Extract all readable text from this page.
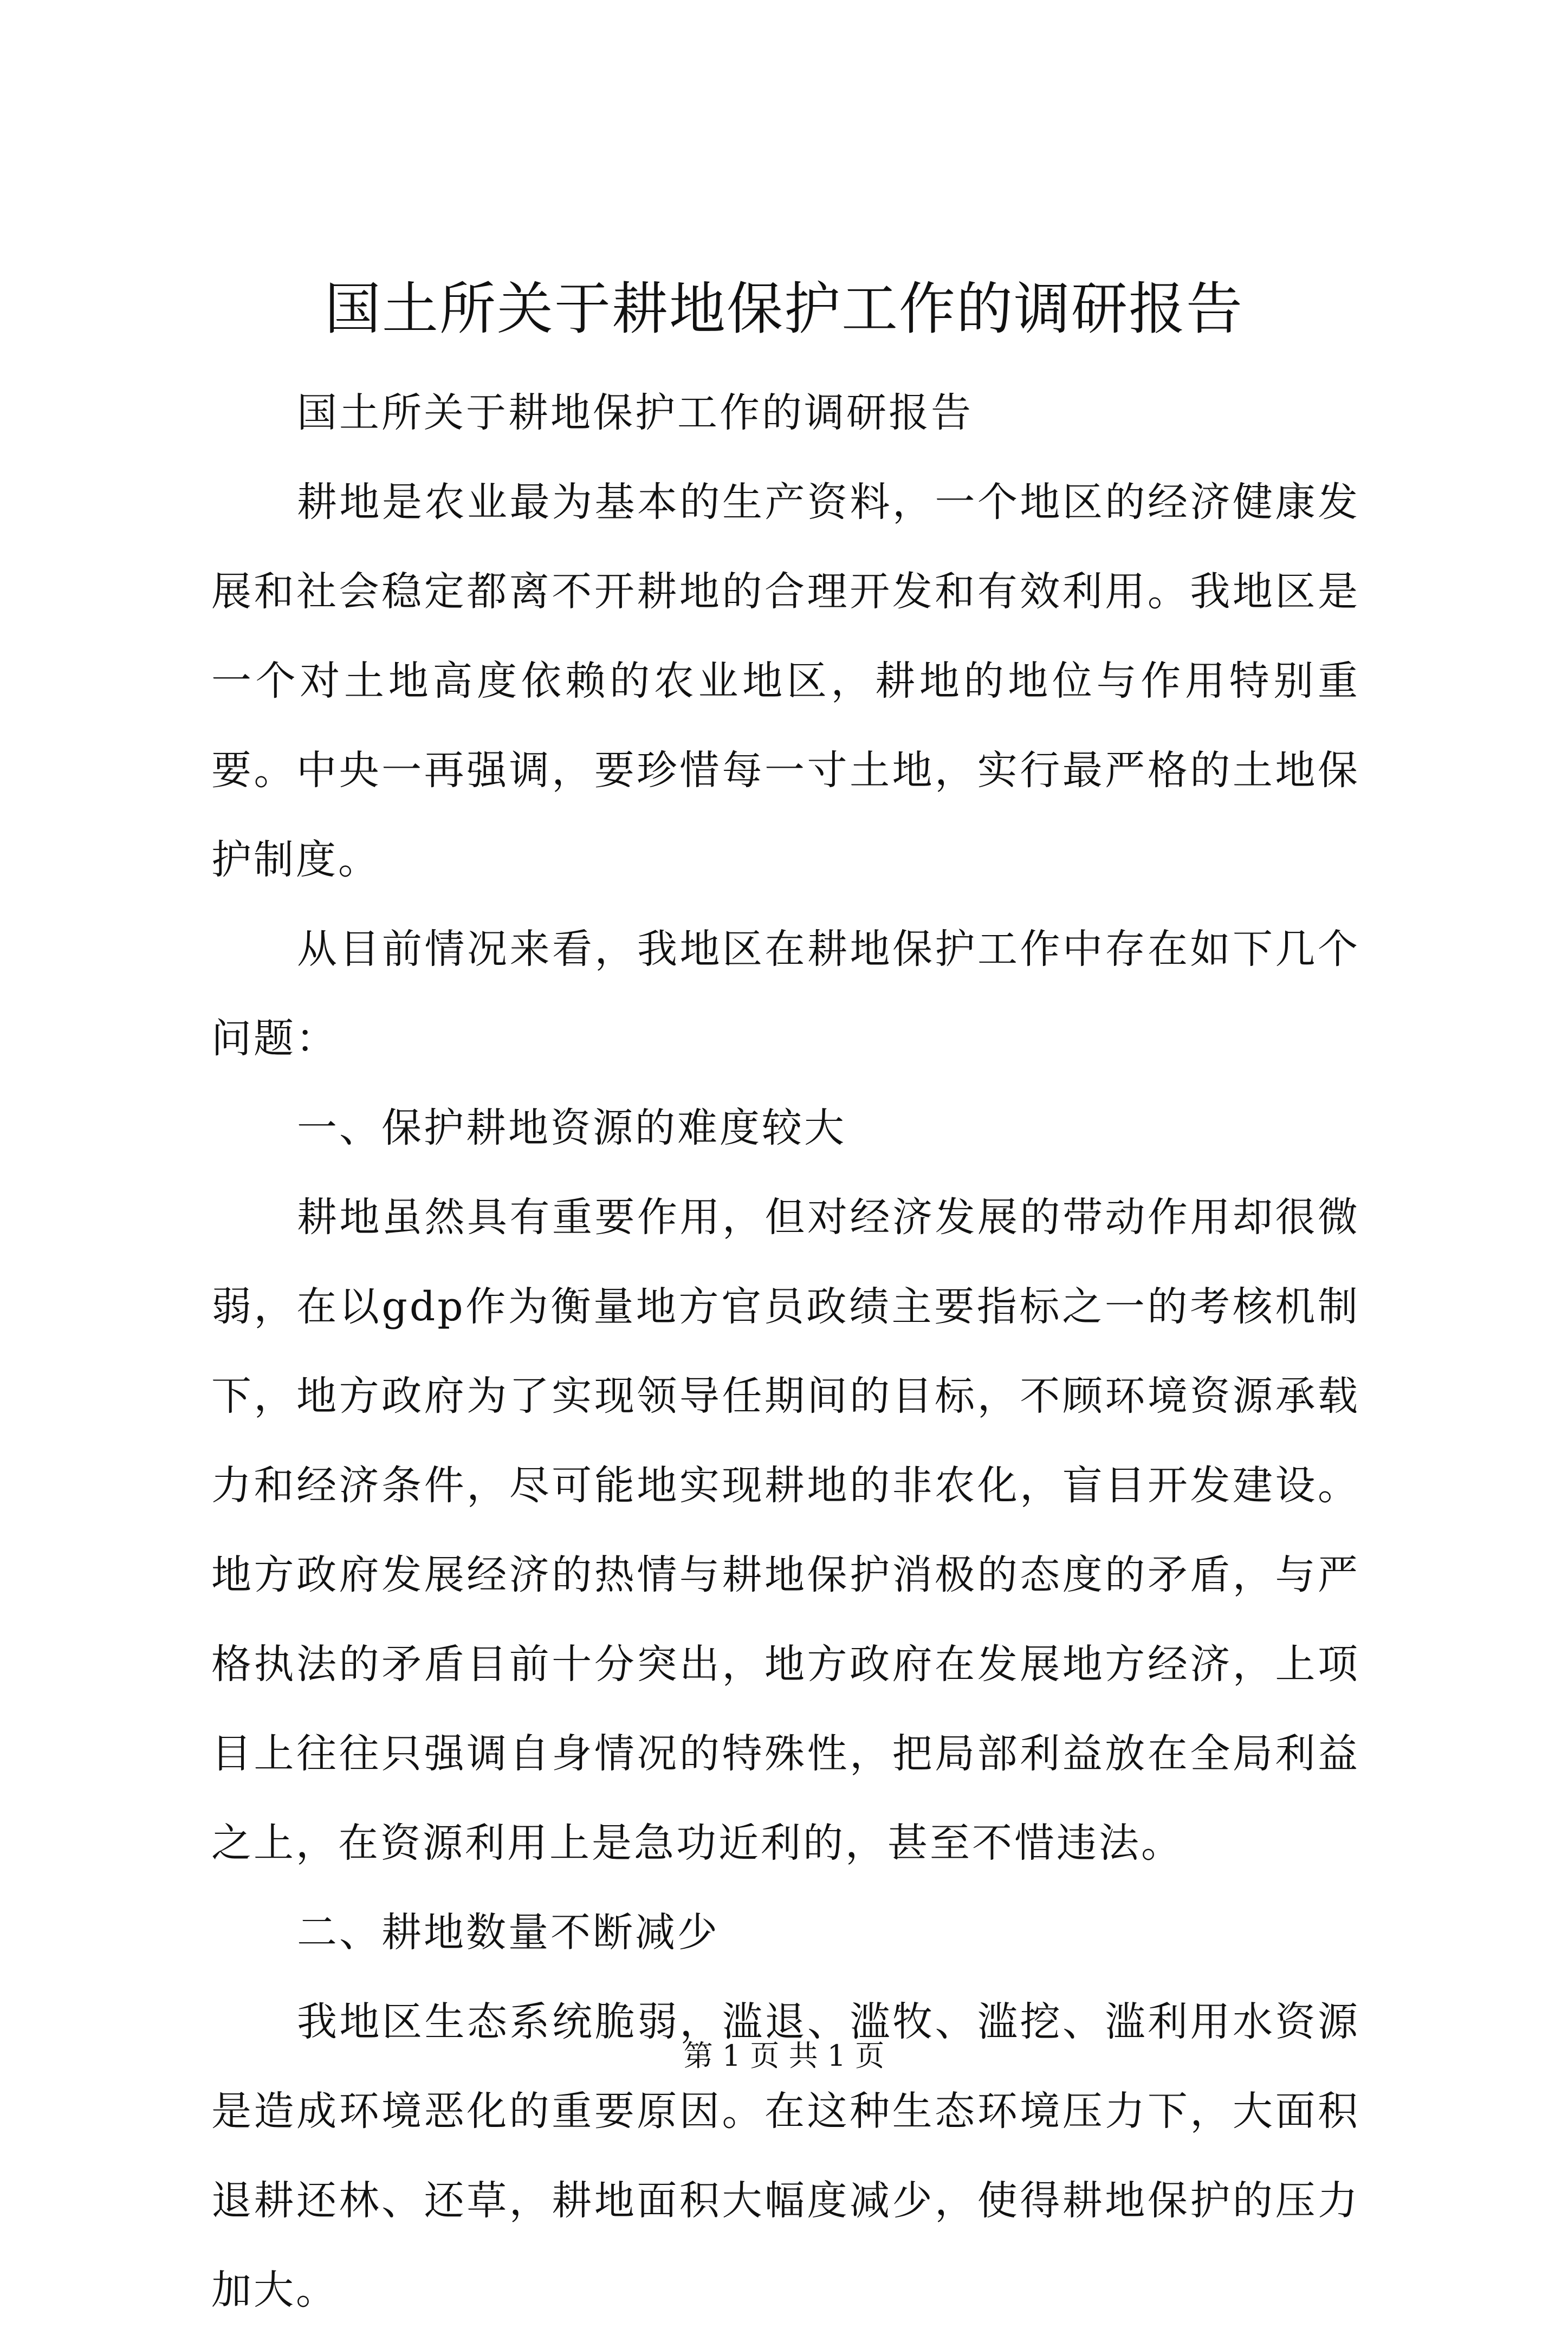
国土所关于耕地保护工作的调研报告

国土所关于耕地保护工作的调研报告

耕地是农业最为基本的生产资料，一个地区的经济健康发展和社会稳定都离不开耕地的合理开发和有效利用。我地区是一个对土地高度依赖的农业地区，耕地的地位与作用特别重要。中央一再强调，要珍惜每一寸土地，实行最严格的土地保护制度。

从目前情况来看，我地区在耕地保护工作中存在如下几个问题：

一、保护耕地资源的难度较大

耕地虽然具有重要作用，但对经济发展的带动作用却很微弱，在以gdp作为衡量地方官员政绩主要指标之一的考核机制下，地方政府为了实现领导任期间的目标，不顾环境资源承载力和经济条件，尽可能地实现耕地的非农化，盲目开发建设。地方政府发展经济的热情与耕地保护消极的态度的矛盾，与严格执法的矛盾目前十分突出，地方政府在发展地方经济，上项目上往往只强调自身情况的特殊性，把局部利益放在全局利益之上，在资源利用上是急功近利的，甚至不惜违法。

二、耕地数量不断减少

我地区生态系统脆弱，滥退、滥牧、滥挖、滥利用水资源是造成环境恶化的重要原因。在这种生态环境压力下，大面积退耕还林、还草，耕地面积大幅度减少，使得耕地保护的压力加大。

第 1 页 共 1 页
